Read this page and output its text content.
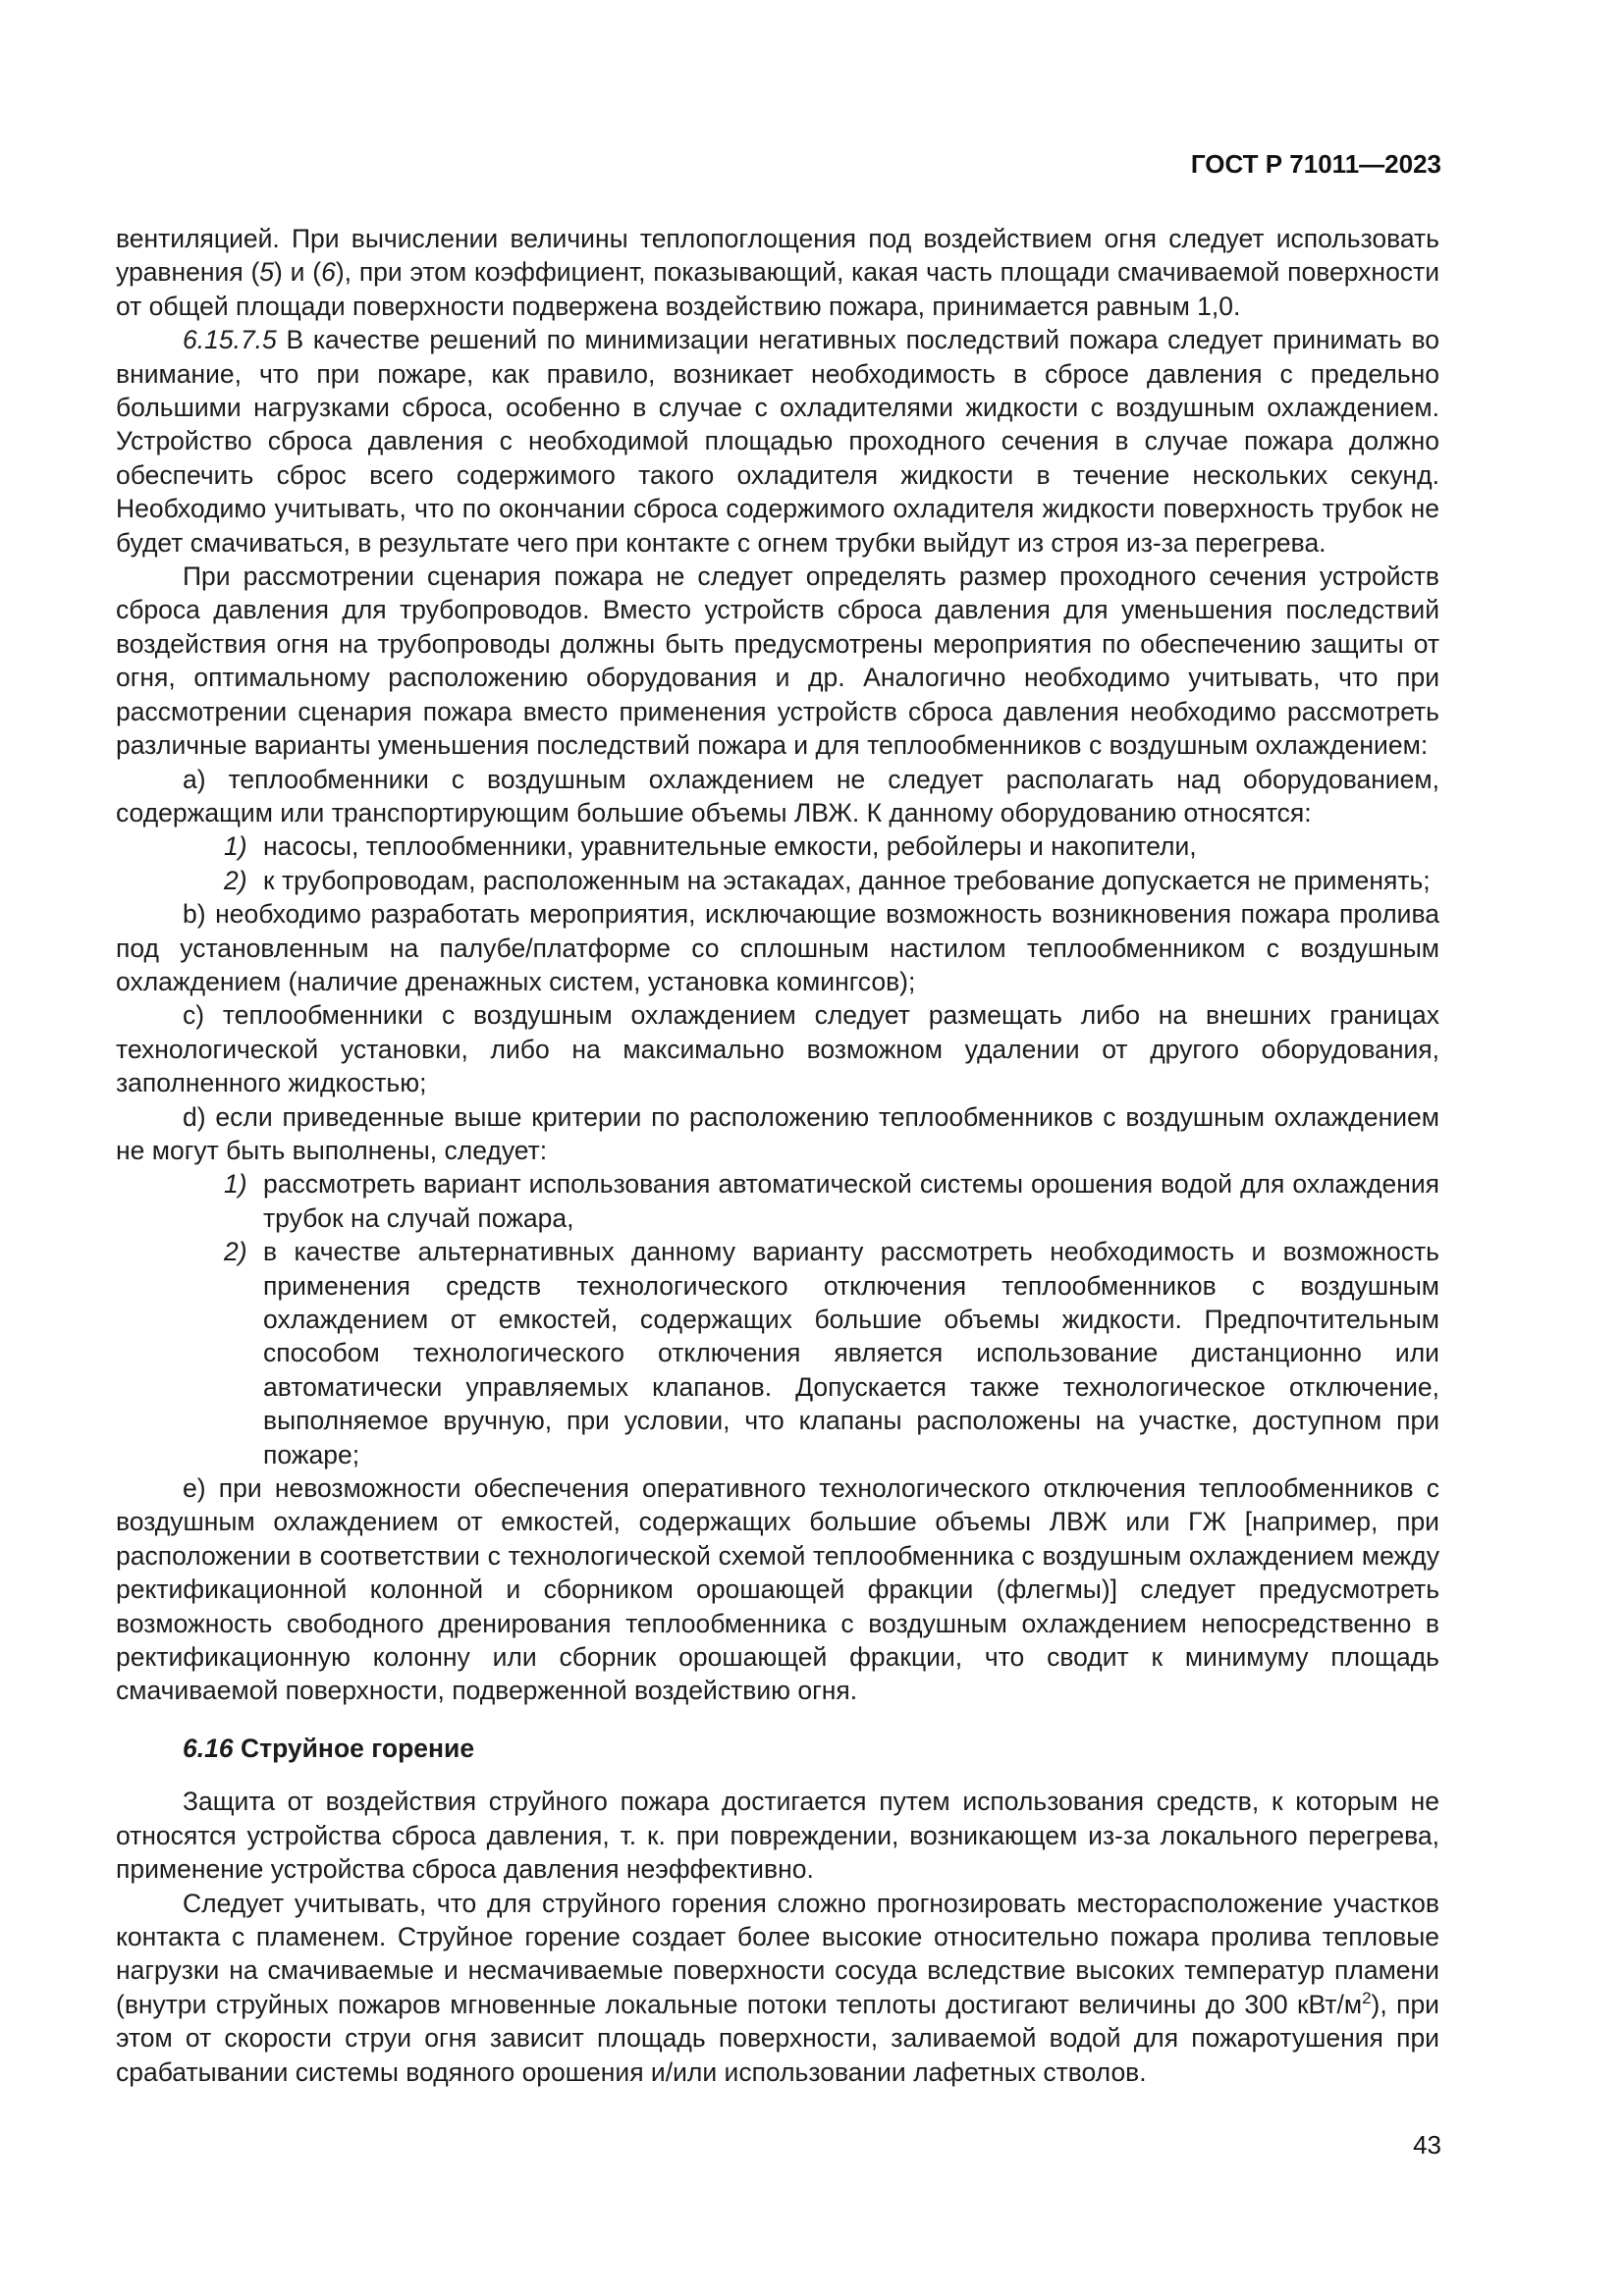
ГОСТ Р 71011—2023

вентиляцией. При вычислении величины теплопоглощения под воздействием огня следует использовать уравнения (5) и (6), при этом коэффициент, показывающий, какая часть площади смачиваемой поверхности от общей площади поверхности подвержена воздействию пожара, принимается равным 1,0.

6.15.7.5 В качестве решений по минимизации негативных последствий пожара следует принимать во внимание, что при пожаре, как правило, возникает необходимость в сбросе давления с предельно большими нагрузками сброса, особенно в случае с охладителями жидкости с воздушным охлаждением. Устройство сброса давления с необходимой площадью проходного сечения в случае пожара должно обеспечить сброс всего содержимого такого охладителя жидкости в течение нескольких секунд. Необходимо учитывать, что по окончании сброса содержимого охладителя жидкости поверхность трубок не будет смачиваться, в результате чего при контакте с огнем трубки выйдут из строя из-за перегрева.

При рассмотрении сценария пожара не следует определять размер проходного сечения устройств сброса давления для трубопроводов. Вместо устройств сброса давления для уменьшения последствий воздействия огня на трубопроводы должны быть предусмотрены мероприятия по обеспечению защиты от огня, оптимальному расположению оборудования и др. Аналогично необходимо учитывать, что при рассмотрении сценария пожара вместо применения устройств сброса давления необходимо рассмотреть различные варианты уменьшения последствий пожара и для теплообменников с воздушным охлаждением:

a) теплообменники с воздушным охлаждением не следует располагать над оборудованием, содержащим или транспортирующим большие объемы ЛВЖ. К данному оборудованию относятся:

1) насосы, теплообменники, уравнительные емкости, ребойлеры и накопители,
2) к трубопроводам, расположенным на эстакадах, данное требование допускается не применять;

b) необходимо разработать мероприятия, исключающие возможность возникновения пожара пролива под установленным на палубе/платформе со сплошным настилом теплообменником с воздушным охлаждением (наличие дренажных систем, установка комингсов);

c) теплообменники с воздушным охлаждением следует размещать либо на внешних границах технологической установки, либо на максимально возможном удалении от другого оборудования, заполненного жидкостью;

d) если приведенные выше критерии по расположению теплообменников с воздушным охлаждением не могут быть выполнены, следует:

1) рассмотреть вариант использования автоматической системы орошения водой для охлаждения трубок на случай пожара,

2) в качестве альтернативных данному варианту рассмотреть необходимость и возможность применения средств технологического отключения теплообменников с воздушным охлаждением от емкостей, содержащих большие объемы жидкости. Предпочтительным способом технологического отключения является использование дистанционно или автоматически управляемых клапанов. Допускается также технологическое отключение, выполняемое вручную, при условии, что клапаны расположены на участке, доступном при пожаре;

e) при невозможности обеспечения оперативного технологического отключения теплообменников с воздушным охлаждением от емкостей, содержащих большие объемы ЛВЖ или ГЖ [например, при расположении в соответствии с технологической схемой теплообменника с воздушным охлаждением между ректификационной колонной и сборником орошающей фракции (флегмы)] следует предусмотреть возможность свободного дренирования теплообменника с воздушным охлаждением непосредственно в ректификационную колонну или сборник орошающей фракции, что сводит к минимуму площадь смачиваемой поверхности, подверженной воздействию огня.

6.16 Струйное горение

Защита от воздействия струйного пожара достигается путем использования средств, к которым не относятся устройства сброса давления, т. к. при повреждении, возникающем из-за локального перегрева, применение устройства сброса давления неэффективно.

Следует учитывать, что для струйного горения сложно прогнозировать месторасположение участков контакта с пламенем. Струйное горение создает более высокие относительно пожара пролива тепловые нагрузки на смачиваемые и несмачиваемые поверхности сосуда вследствие высоких температур пламени (внутри струйных пожаров мгновенные локальные потоки теплоты достигают величины до 300 кВт/$м^2$), при этом от скорости струи огня зависит площадь поверхности, заливаемой водой для пожаротушения при срабатывании системы водяного орошения и/или использовании лафетных стволов.

43
